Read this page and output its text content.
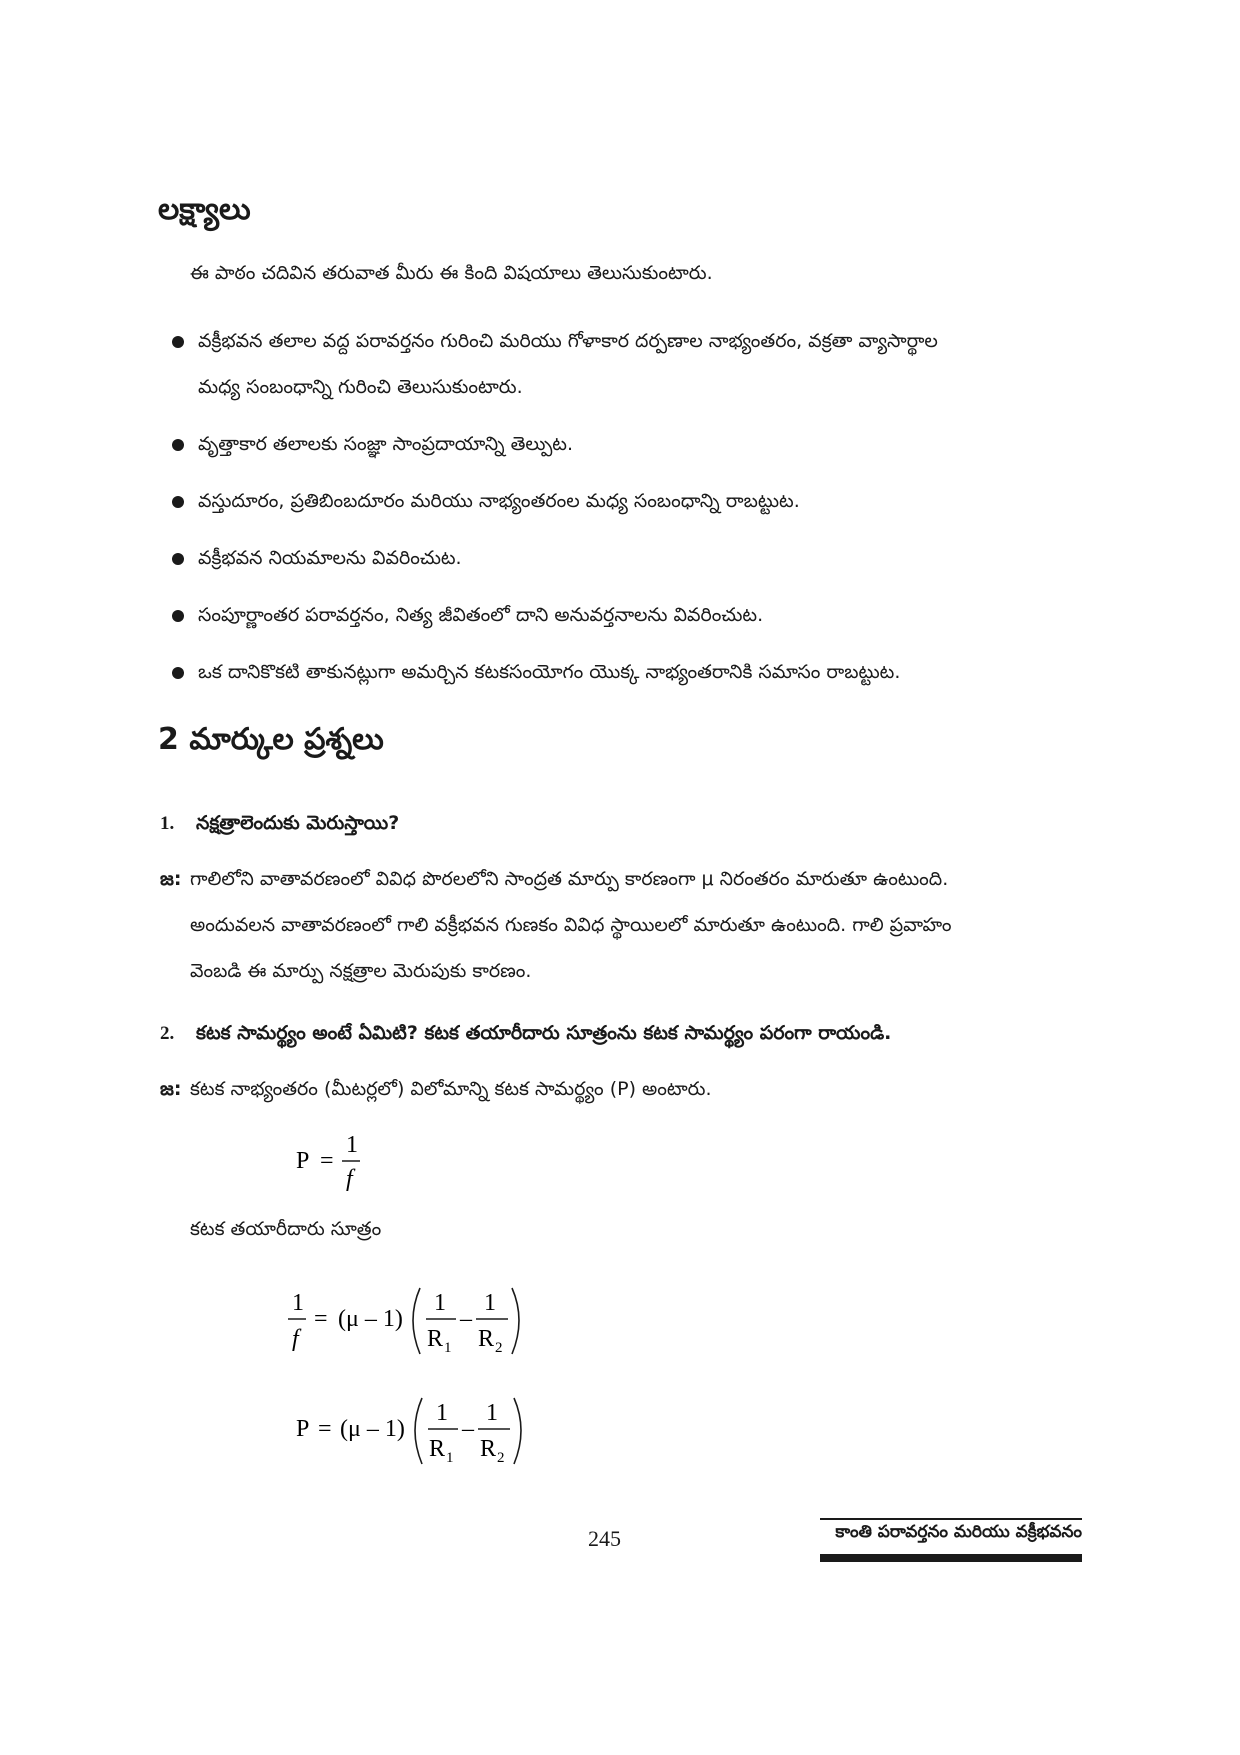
లక్ష్యాలు
ఈ పాఠం చదివిన తరువాత మీరు ఈ కింది విషయాలు తెలుసుకుంటారు.
వక్రీభవన తలాల వద్ద పరావర్తనం గురించి మరియు గోళాకార దర్పణాల నాభ్యంతరం, వక్రతా వ్యాసార్థాల
మధ్య సంబంధాన్ని గురించి తెలుసుకుంటారు.
వృత్తాకార తలాలకు సంజ్ఞా సాంప్రదాయాన్ని తెల్పుట.
వస్తుదూరం, ప్రతిబింబదూరం మరియు నాభ్యంతరంల మధ్య సంబంధాన్ని రాబట్టుట.
వక్రీభవన నియమాలను వివరించుట.
సంపూర్ణాంతర పరావర్తనం, నిత్య జీవితంలో దాని అనువర్తనాలను వివరించుట.
ఒక దానికొకటి తాకునట్లుగా అమర్చిన కటకసంయోగం యొక్క నాభ్యంతరానికి సమాసం రాబట్టుట.
2 మార్కుల ప్రశ్నలు
1. నక్షత్రాలెందుకు మెరుస్తాయి?
జ: గాలిలోని వాతావరణంలో వివిధ పొరలలోని సాంద్రత మార్పు కారణంగా μ నిరంతరం మారుతూ ఉంటుంది.
అందువలన వాతావరణంలో గాలి వక్రీభవన గుణకం వివిధ స్థాయిలలో మారుతూ ఉంటుంది. గాలి ప్రవాహం
వెంబడి ఈ మార్పు నక్షత్రాల మెరుపుకు కారణం.
2. కటక సామర్థ్యం అంటే ఏమిటి? కటక తయారీదారు సూత్రంను కటక సామర్థ్యం పరంగా రాయండి.
జ: కటక నాభ్యంతరం (మీటర్లలో) విలోమాన్ని కటక సామర్థ్యం (P) అంటారు.
P =
1
f
కటక తయారీదారు సూత్రం
1
f
= (μ – 1)
1
R 1
–
1
R 2
P = (μ – 1)
1
R 1
–
1
R 2
245	కాంతి పరావర్తనం మరియు వక్రీభవనం
